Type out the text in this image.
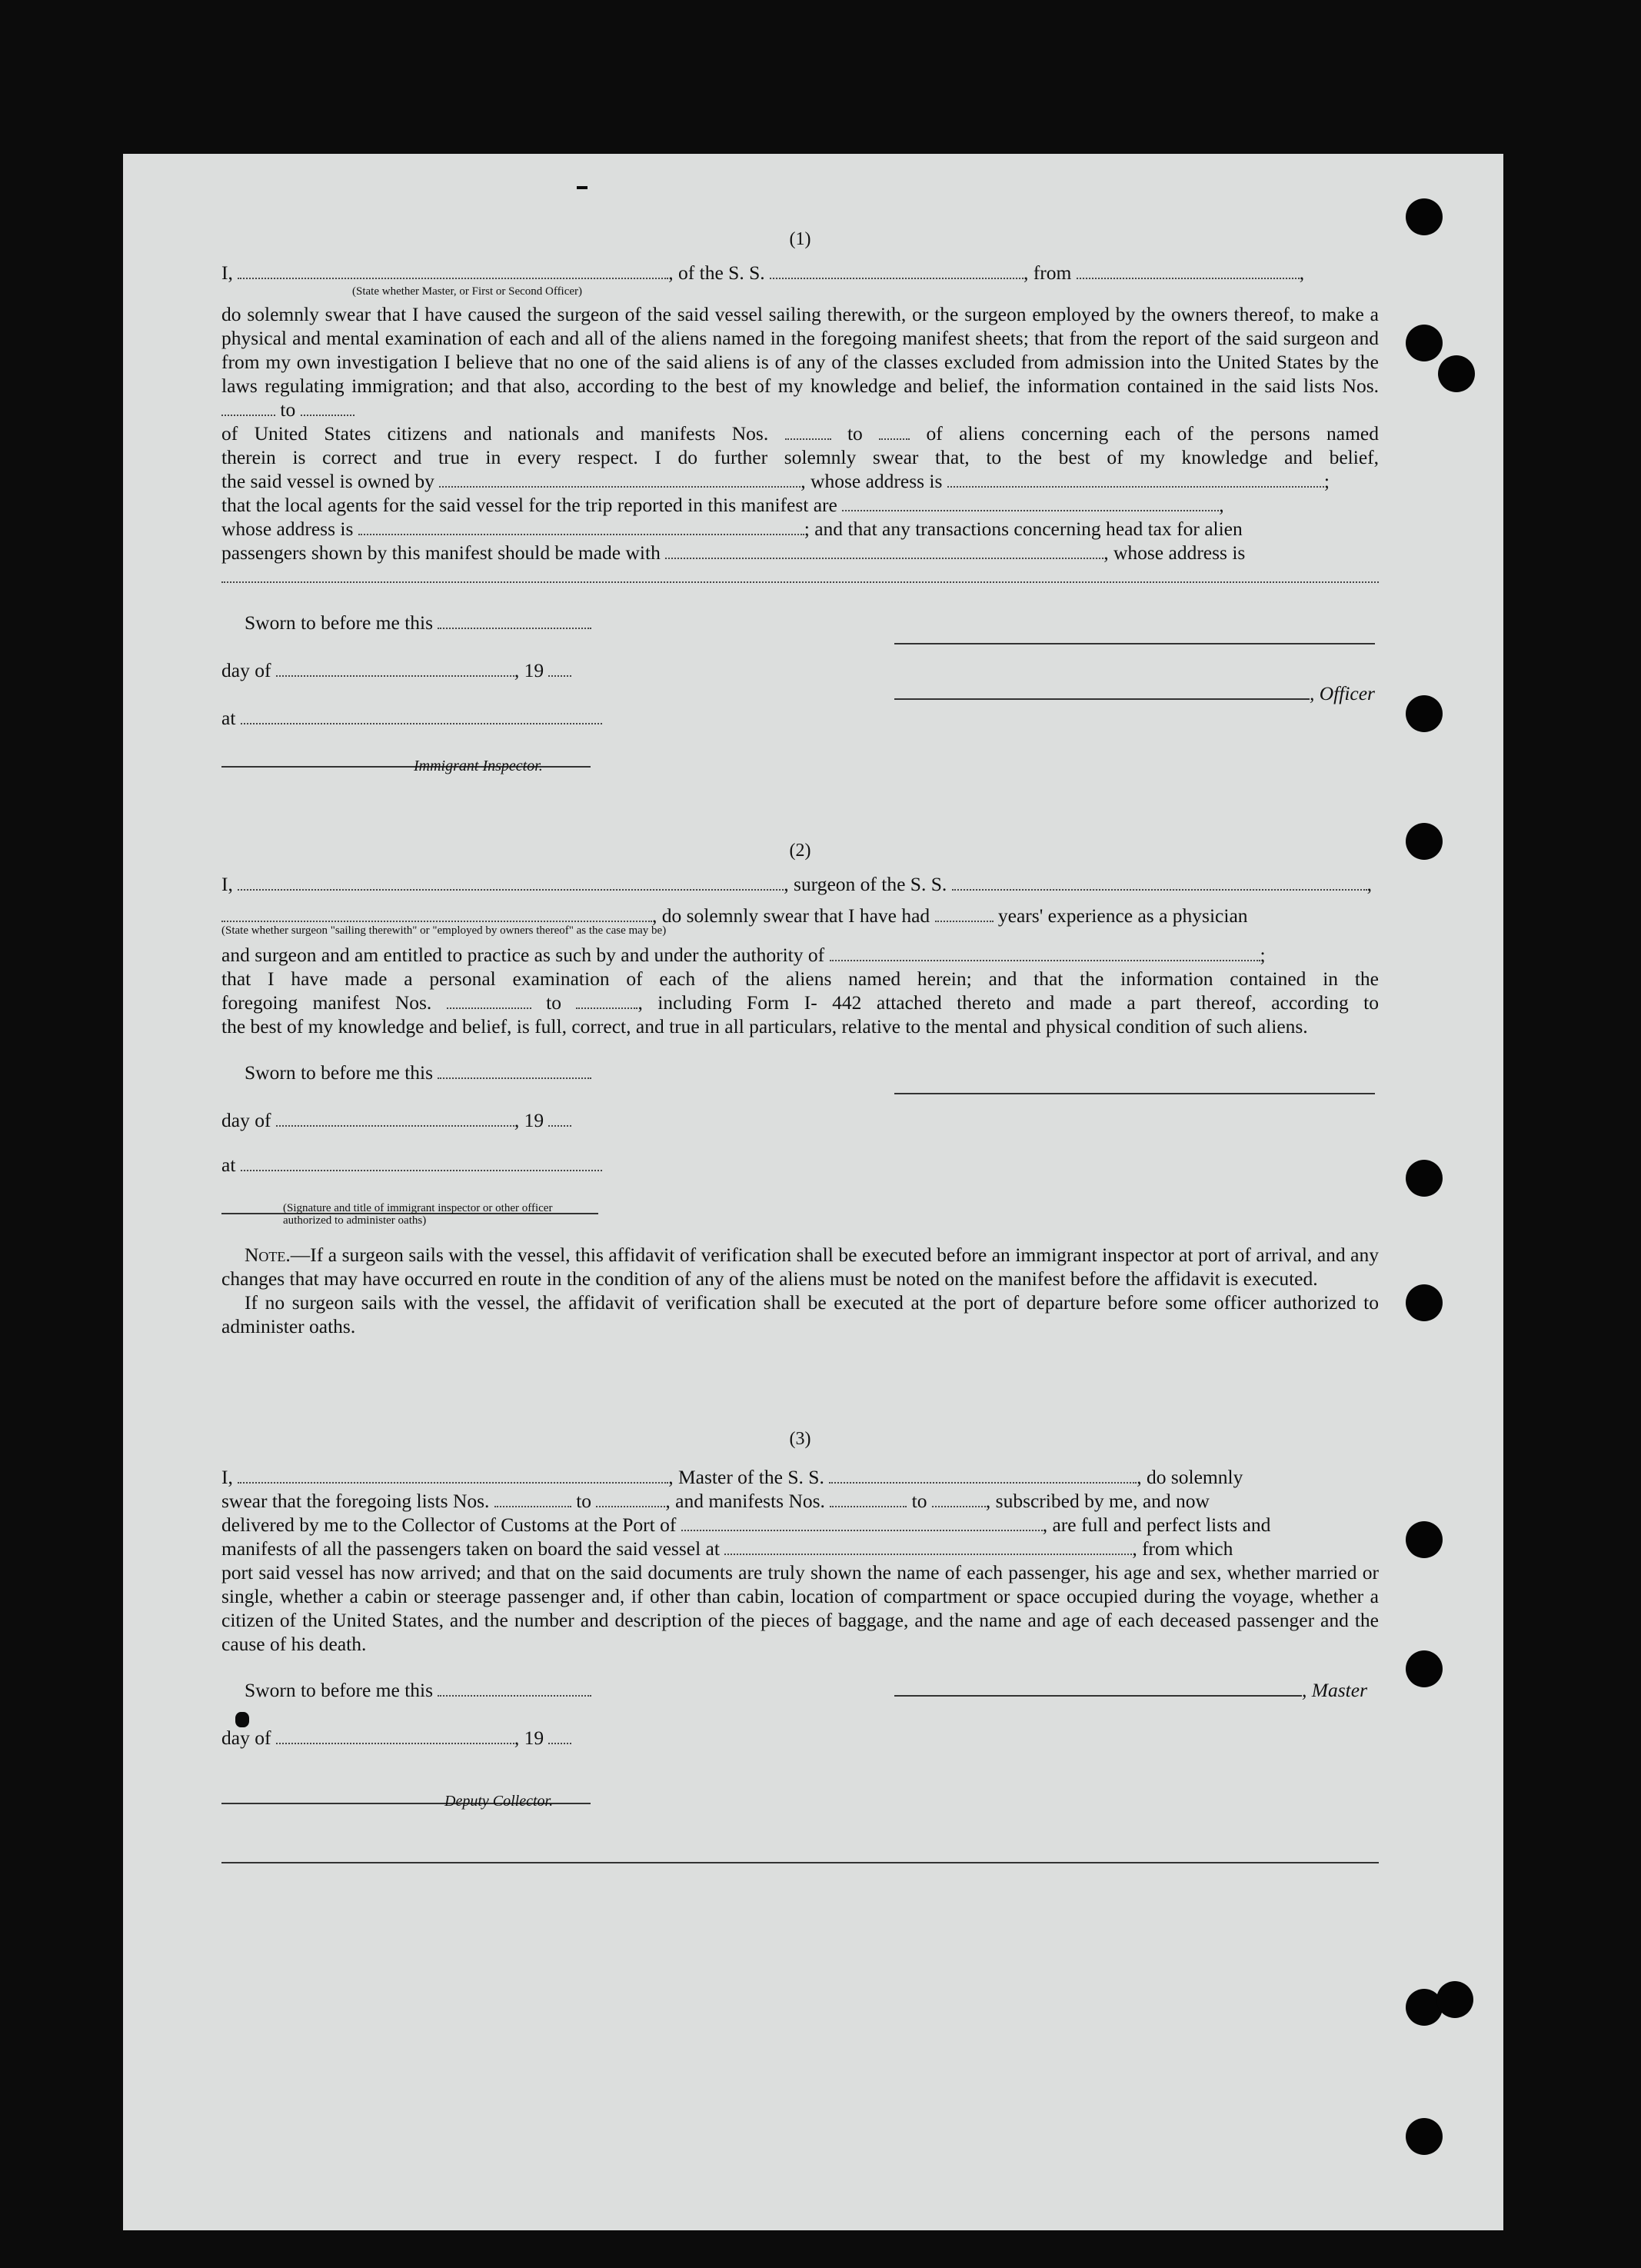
(1)
I,	, of the S. S.	, from	,
(State whether Master, or First or Second Officer)
do solemnly swear that I have caused the surgeon of the said vessel sailing therewith, or the surgeon employed by the owners thereof, to make a physical and mental examination of each and all of the aliens named in the foregoing manifest sheets; that from the report of the said surgeon and from my own investigation I believe that no one of the said aliens is of any of the classes excluded from admission into the United States by the laws regulating immigration; and that also, according to the best of my knowledge and belief, the information contained in the said lists Nos.  to
of United States citizens and nationals and manifests Nos.	to	of aliens concerning each of the persons named
therein is correct and true in every respect. I do further solemnly swear that, to the best of my knowledge and belief,
the said vessel is owned by	, whose address is	;
that the local agents for the said vessel for the trip reported in this manifest are	,
whose address is	; and that any transactions concerning head tax for alien
passengers shown by this manifest should be made with	, whose address is
Sworn to before me this
day of	, 19
, Officer
at
Immigrant Inspector.
(2)
I,	, surgeon of the S. S.	,
, do solemnly swear that I have had	years' experience as a physician
(State whether surgeon "sailing therewith" or "employed by owners thereof" as the case may be)
and surgeon and am entitled to practice as such by and under the authority of	;
that I have made a personal examination of each of the aliens named herein; and that the information contained in the
foregoing manifest Nos.	to	, including Form I- 442 attached thereto and made a part thereof, according to
the best of my knowledge and belief, is full, correct, and true in all particulars, relative to the mental and physical condition of such aliens.
Sworn to before me this
day of	, 19
at
(Signature and title of immigrant inspector or other officer authorized to administer oaths)
Note.—If a surgeon sails with the vessel, this affidavit of verification shall be executed before an immigrant inspector at port of arrival, and any changes that may have occurred en route in the condition of any of the aliens must be noted on the manifest before the affidavit is executed.
If no surgeon sails with the vessel, the affidavit of verification shall be executed at the port of departure before some officer authorized to administer oaths.
(3)
I,	, Master of the S. S.	, do solemnly
swear that the foregoing lists Nos.	to	, and manifests Nos.	to	, subscribed by me, and now
delivered by me to the Collector of Customs at the Port of	, are full and perfect lists and
manifests of all the passengers taken on board the said vessel at	, from which
port said vessel has now arrived; and that on the said documents are truly shown the name of each passenger, his age and sex, whether married or single, whether a cabin or steerage passenger and, if other than cabin, location of compartment or space occupied during the voyage, whether a citizen of the United States, and the number and description of the pieces of baggage, and the name and age of each deceased passenger and the cause of his death.
Sworn to before me this	, Master
day of	, 19
Deputy Collector.
